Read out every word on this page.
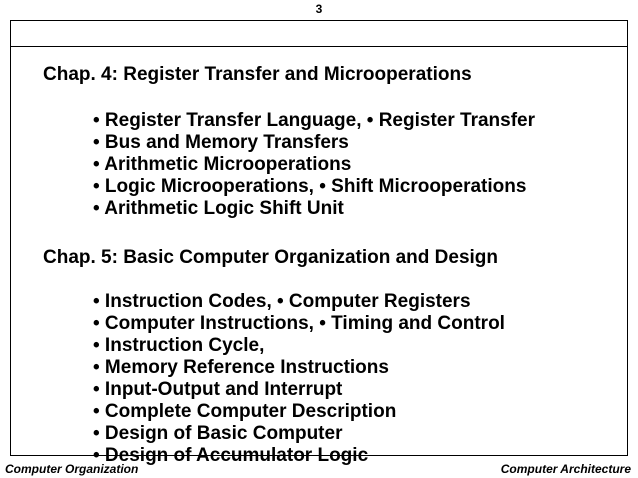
3
Chap. 4: Register Transfer and Microoperations
• Register Transfer Language, • Register Transfer
• Bus and Memory Transfers
• Arithmetic Microoperations
• Logic Microoperations, • Shift Microoperations
• Arithmetic Logic Shift Unit
Chap. 5: Basic Computer Organization and Design
• Instruction Codes, • Computer Registers
• Computer Instructions, • Timing and Control
• Instruction Cycle,
• Memory Reference Instructions
• Input-Output and Interrupt
• Complete Computer Description
• Design of Basic Computer
• Design of Accumulator Logic
Computer Organization	Computer Architecture
